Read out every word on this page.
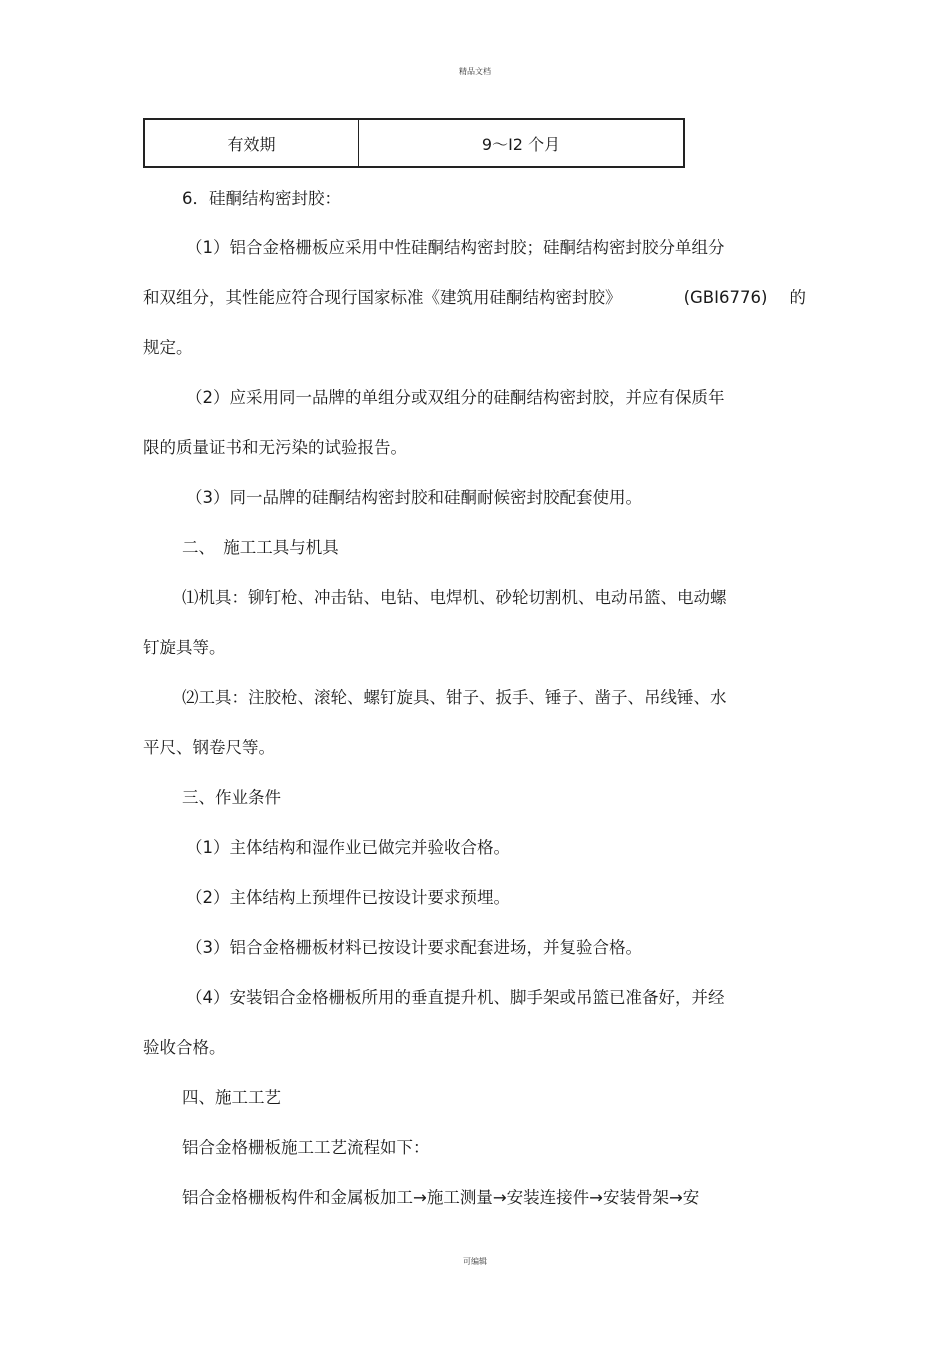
精品文档
有效期	9～I2 个月
6．硅酮结构密封胶：
（1）铝合金格栅板应采用中性硅酮结构密封胶；硅酮结构密封胶分单组分
和双组分，其性能应符合现行国家标准《建筑用硅酮结构密封胶》	(GBI6776) 的
规定。
（2）应采用同一品牌的单组分或双组分的硅酮结构密封胶，并应有保质年
限的质量证书和无污染的试验报告。
（3）同一品牌的硅酮结构密封胶和硅酮耐候密封胶配套使用。
二、　施工工具与机具
⑴机具：铆钉枪、冲击钻、电钻、电焊机、砂轮切割机、电动吊篮、电动螺
钉旋具等。
⑵工具：注胶枪、滚轮、螺钉旋具、钳子、扳手、锤子、凿子、吊线锤、水
平尺、钢卷尺等。
三、作业条件
（1）主体结构和湿作业已做完并验收合格。
（2）主体结构上预埋件已按设计要求预埋。
（3）铝合金格栅板材料已按设计要求配套进场，并复验合格。
（4）安装铝合金格栅板所用的垂直提升机、脚手架或吊篮已准备好，并经
验收合格。
四、施工工艺
铝合金格栅板施工工艺流程如下：
铝合金格栅板构件和金属板加工→施工测量→安装连接件→安装骨架→安
可编辑
